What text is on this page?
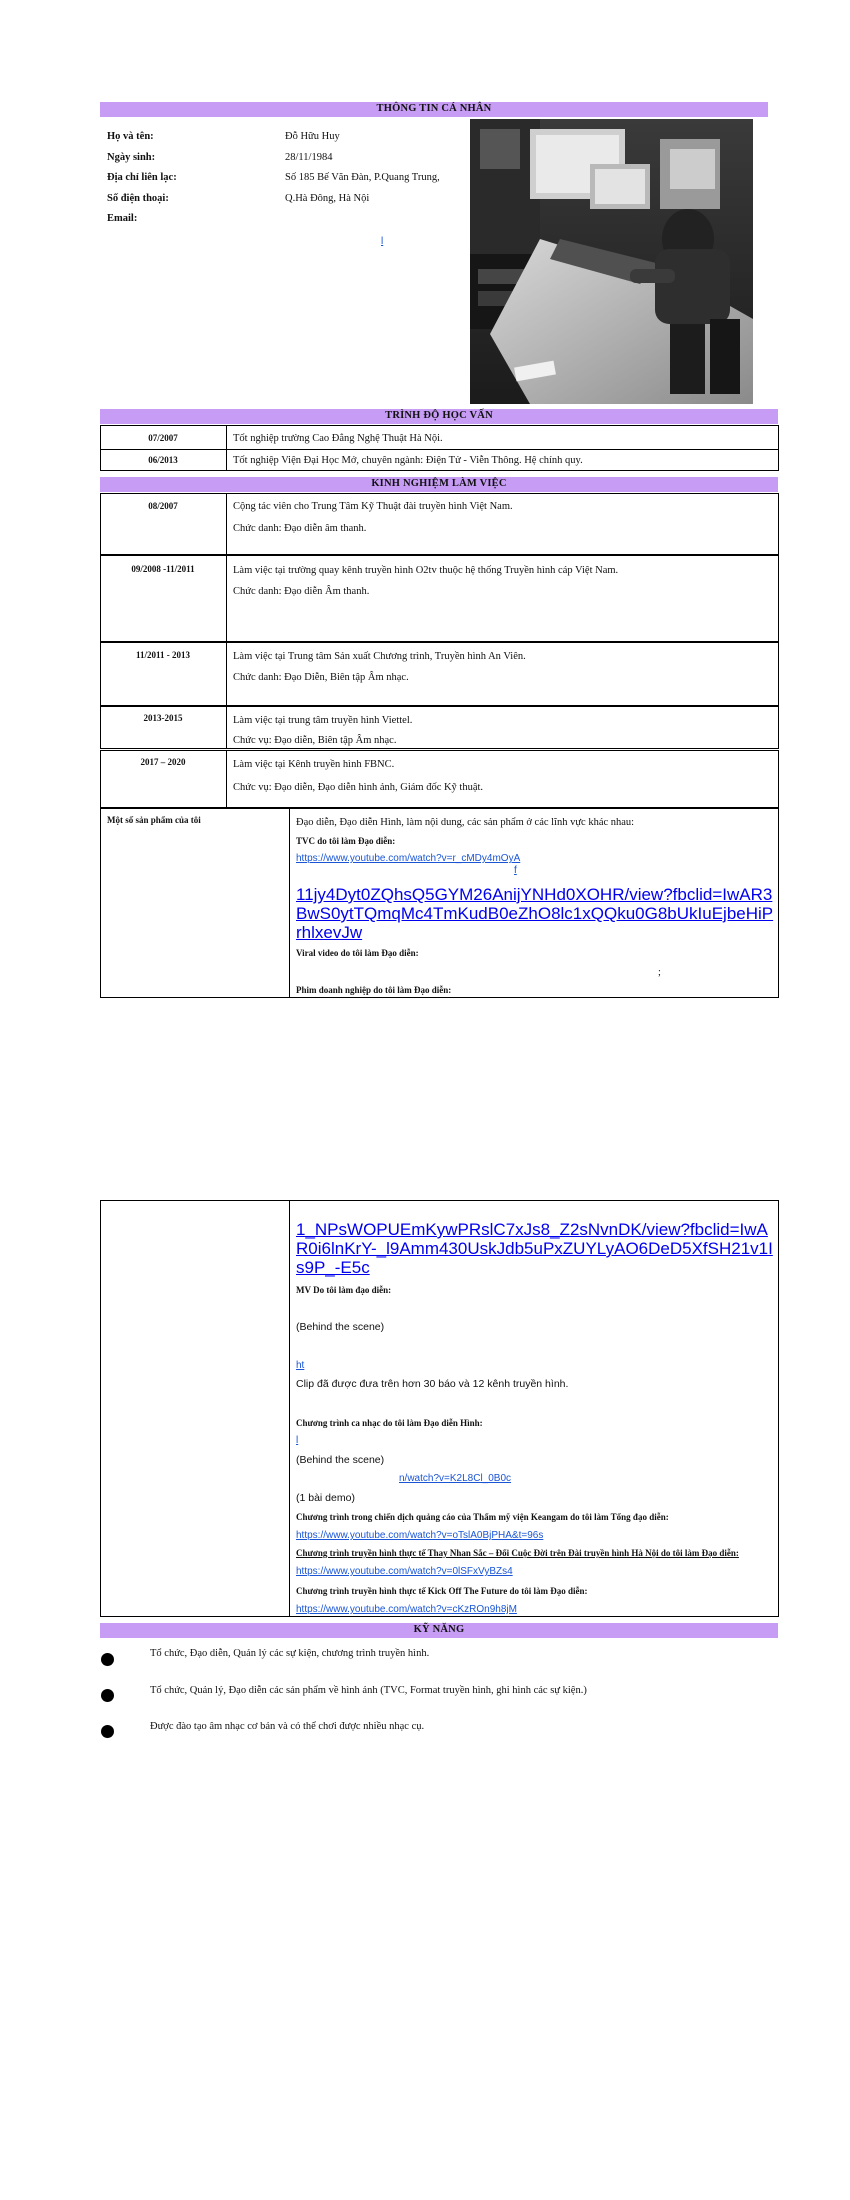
THÔNG TIN CÁ NHÂN
Họ và tên:	Đỗ Hữu Huy
Ngày sinh:	28/11/1984
Địa chỉ liên lạc:	Số 185 Bế Văn Đàn, P.Quang Trung,
Số điện thoại:	Q.Hà Đông, Hà Nội
Email:
l
TRÌNH ĐỘ HỌC VẤN
07/2007	Tốt nghiệp trường Cao Đẳng Nghệ Thuật Hà Nội.
06/2013	Tốt nghiệp Viện Đại Học Mở, chuyên ngành: Điện Tử - Viễn Thông. Hệ chính quy.
KINH NGHIỆM LÀM VIỆC
08/2007	Cộng tác viên cho Trung Tâm Kỹ Thuật đài truyền hình Việt Nam.
Chức danh: Đạo diễn âm thanh.
09/2008 -11/2011	Làm việc tại trường quay kênh truyền hình O2tv thuộc hệ thống Truyền hình cáp Việt Nam.
Chức danh: Đạo diễn Âm thanh.
11/2011 - 2013	Làm việc tại Trung tâm Sản xuất Chương trình, Truyền hình An Viên.
Chức danh: Đạo Diễn, Biên tập Âm nhạc.
2013-2015	Làm việc tại trung tâm truyền hình Viettel.
Chức vụ: Đạo diễn, Biên tập Âm nhạc.
2017 – 2020	Làm việc tại Kênh truyền hình FBNC.
Chức vụ: Đạo diễn, Đạo diễn hình ảnh, Giám đốc Kỹ thuật.
Một số sản phẩm của tôi	Đạo diễn, Đạo diễn Hình, làm nội dung, các sản phẩm ở các lĩnh vực khác nhau:
TVC do tôi làm Đạo diễn:
https://www.youtube.com/watch?v=r_cMDy4mOyA
f
11jy4Dyt0ZQhsQ5GYM26AnijYNHd0XOHR/view?fbclid=IwAR3BwS0ytTQmqMc4TmKudB0eZhO8lc1xQQku0G8bUkIuEjbeHiPrhlxevJw
Viral video do tôi làm Đạo diễn:
;
Phim doanh nghiệp do tôi làm Đạo diễn:
1_NPsWOPUEmKywPRslC7xJs8_Z2sNvnDK/view?fbclid=IwAR0i6lnKrY-_l9Amm430UskJdb5uPxZUYLyAO6DeD5XfSH21v1Is9P_-E5c
MV Do tôi làm đạo diễn:
(Behind the scene)
ht
Clip đã được đưa trên hơn 30 báo và 12 kênh truyền hình.
Chương trình ca nhạc do tôi làm Đạo diễn Hình:
l
(Behind the scene)
n/watch?v=K2L8Cl_0B0c
(1 bài demo)
Chương trình trong chiến dịch quảng cáo của Thẩm mỹ viện Keangam do tôi làm Tổng đạo diễn:
https://www.youtube.com/watch?v=oTslA0BjPHA&t=96s
Chương trình truyền hình thực tế Thay Nhan Sắc – Đổi Cuộc Đời trên Đài truyền hình Hà Nội do tôi làm Đạo diễn:
https://www.youtube.com/watch?v=0lSFxVyBZs4
Chương trình truyền hình thực tế Kick Off The Future do tôi làm Đạo diễn:
https://www.youtube.com/watch?v=cKzROn9h8jM
KỸ NĂNG
Tổ chức, Đạo diễn, Quản lý các sự kiện, chương trình truyền hình.
Tổ chức, Quản lý, Đạo diễn các sản phẩm về hình ảnh (TVC, Format truyền hình, ghi hình các sự kiện.)
Được đào tạo âm nhạc cơ bản và có thể chơi được nhiều nhạc cụ.
